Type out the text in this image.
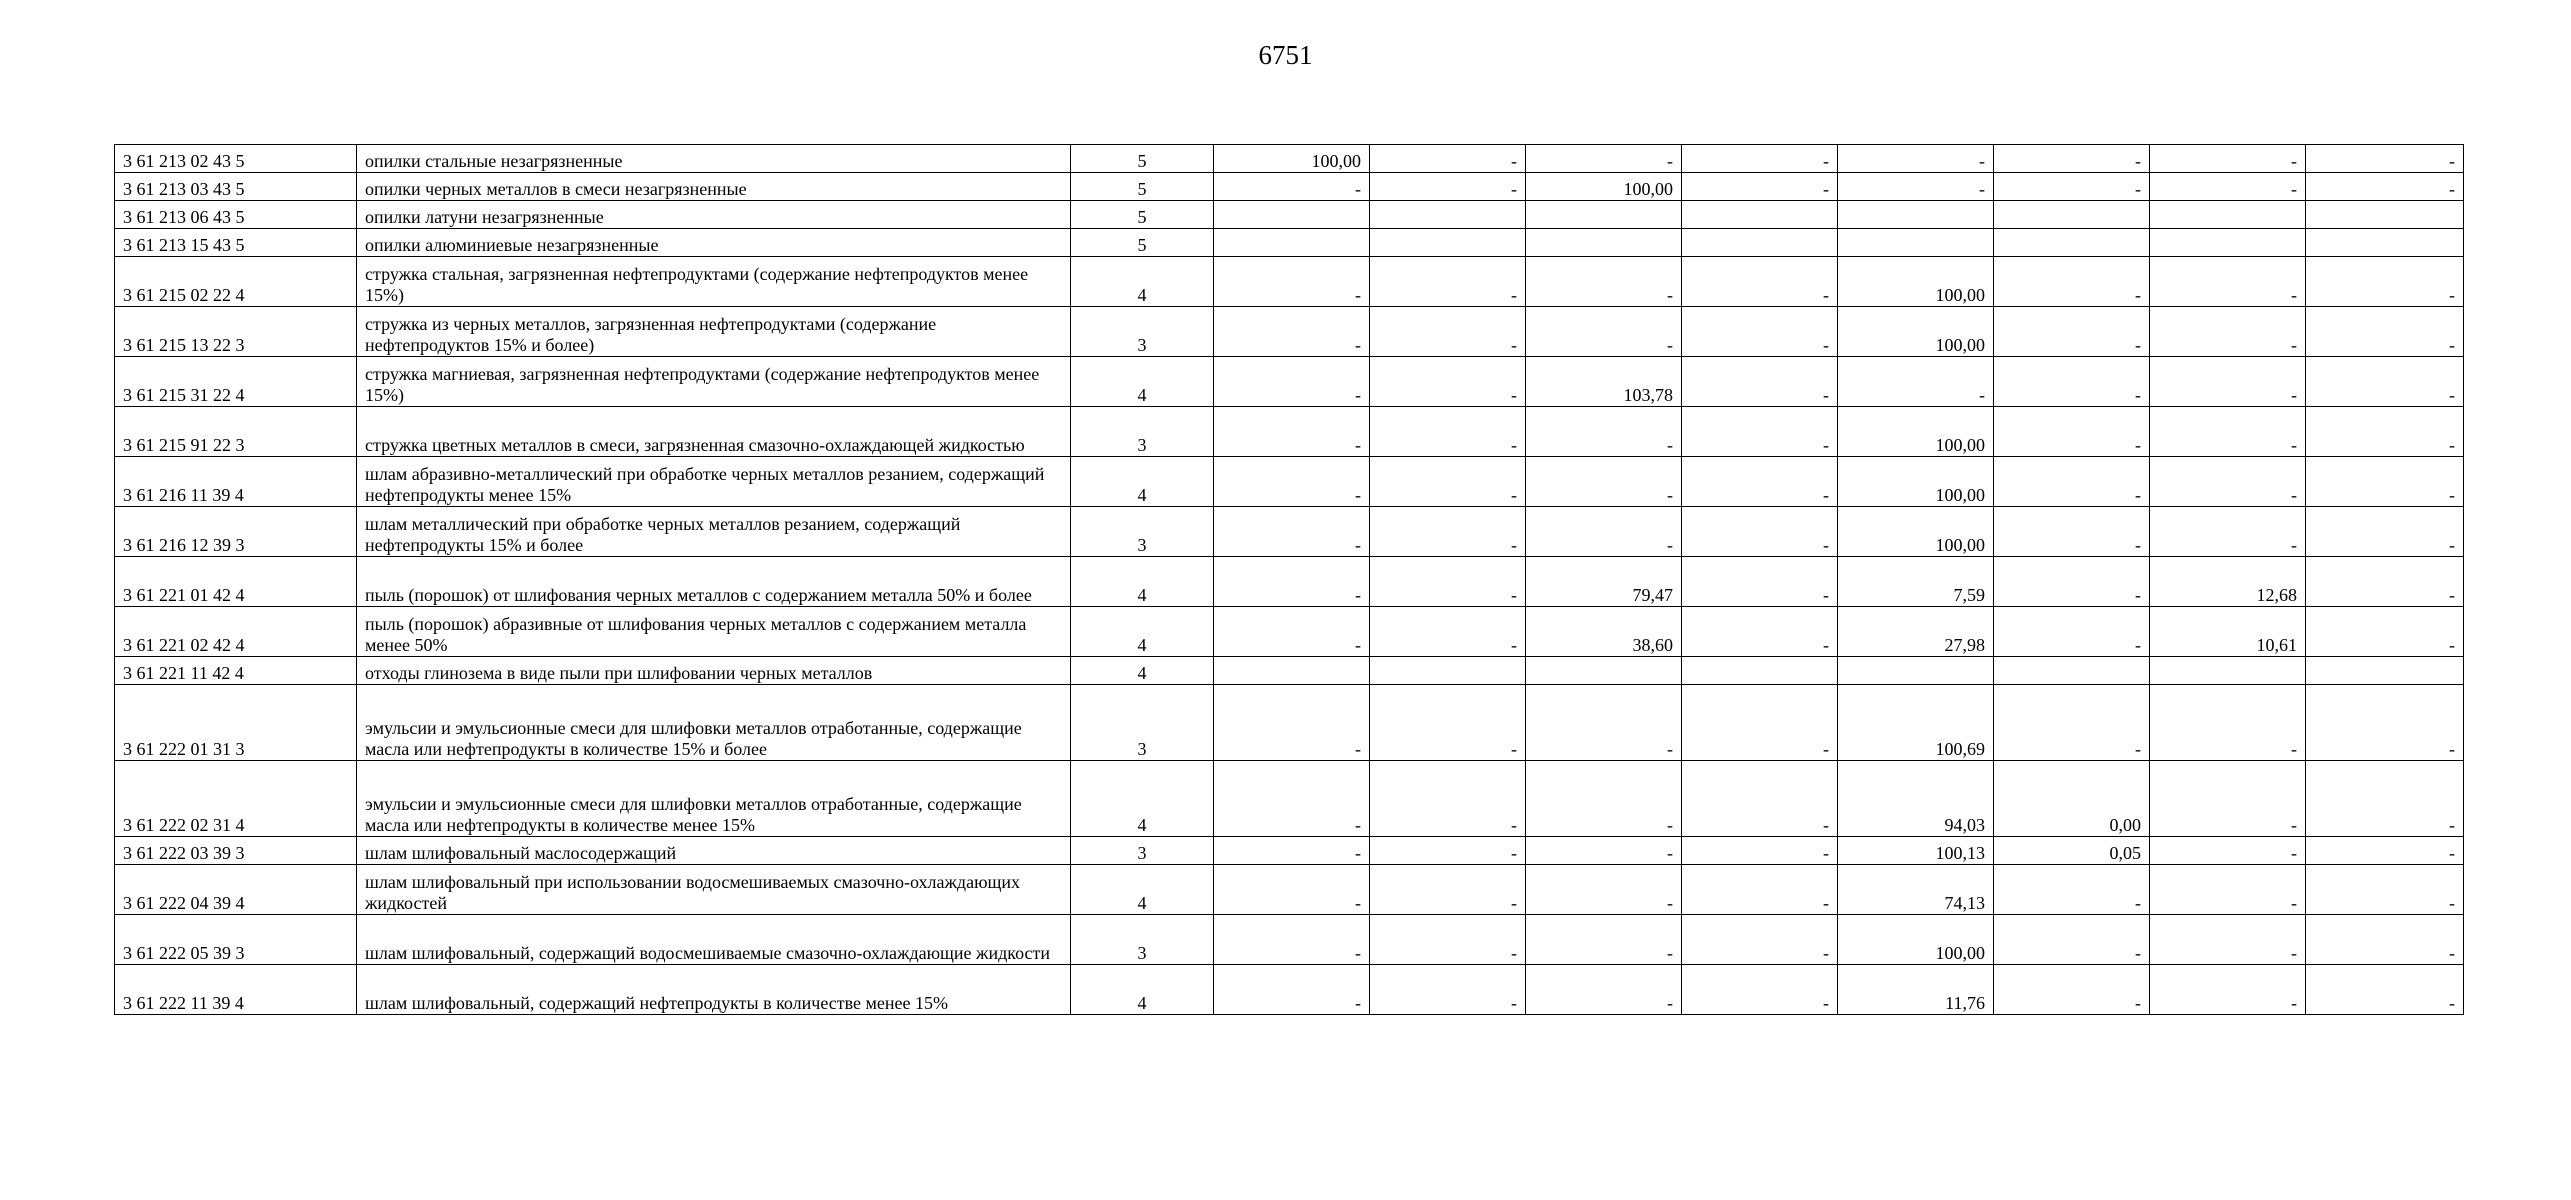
6751
3 61 213 02 43 5	опилки стальные незагрязненные	5	100,00	-	-	-	-	-	-	-
3 61 213 03 43 5	опилки черных металлов в смеси незагрязненные	5	-	-	100,00	-	-	-	-	-
3 61 213 06 43 5	опилки латуни незагрязненные	5								
3 61 213 15 43 5	опилки алюминиевые незагрязненные	5								
3 61 215 02 22 4	стружка стальная, загрязненная нефтепродуктами (содержание нефтепродуктов менее 15%)	4	-	-	-	-	100,00	-	-	-
3 61 215 13 22 3	стружка из черных металлов, загрязненная нефтепродуктами (содержание нефтепродуктов 15% и более)	3	-	-	-	-	100,00	-	-	-
3 61 215 31 22 4	стружка магниевая, загрязненная нефтепродуктами (содержание нефтепродуктов менее 15%)	4	-	-	103,78	-	-	-	-	-
3 61 215 91 22 3	стружка цветных металлов в смеси, загрязненная смазочно-охлаждающей жидкостью	3	-	-	-	-	100,00	-	-	-
3 61 216 11 39 4	шлам абразивно-металлический при обработке черных металлов резанием, содержащий нефтепродукты менее 15%	4	-	-	-	-	100,00	-	-	-
3 61 216 12 39 3	шлам металлический при обработке черных металлов резанием, содержащий нефтепродукты 15% и более	3	-	-	-	-	100,00	-	-	-
3 61 221 01 42 4	пыль (порошок) от шлифования черных металлов с содержанием металла 50% и более	4	-	-	79,47	-	7,59	-	12,68	-
3 61 221 02 42 4	пыль (порошок) абразивные от шлифования черных металлов с содержанием металла менее 50%	4	-	-	38,60	-	27,98	-	10,61	-
3 61 221 11 42 4	отходы глинозема в виде пыли при шлифовании черных металлов	4								
3 61 222 01 31 3	эмульсии и эмульсионные смеси для шлифовки металлов отработанные, содержащие масла или нефтепродукты в количестве 15% и более	3	-	-	-	-	100,69	-	-	-
3 61 222 02 31 4	эмульсии и эмульсионные смеси для шлифовки металлов отработанные, содержащие масла или нефтепродукты в количестве менее 15%	4	-	-	-	-	94,03	0,00	-	-
3 61 222 03 39 3	шлам шлифовальный маслосодержащий	3	-	-	-	-	100,13	0,05	-	-
3 61 222 04 39 4	шлам шлифовальный при использовании водосмешиваемых смазочно-охлаждающих жидкостей	4	-	-	-	-	74,13	-	-	-
3 61 222 05 39 3	шлам шлифовальный, содержащий водосмешиваемые смазочно-охлаждающие жидкости	3	-	-	-	-	100,00	-	-	-
3 61 222 11 39 4	шлам шлифовальный, содержащий нефтепродукты в количестве менее 15%	4	-	-	-	-	11,76	-	-	-
